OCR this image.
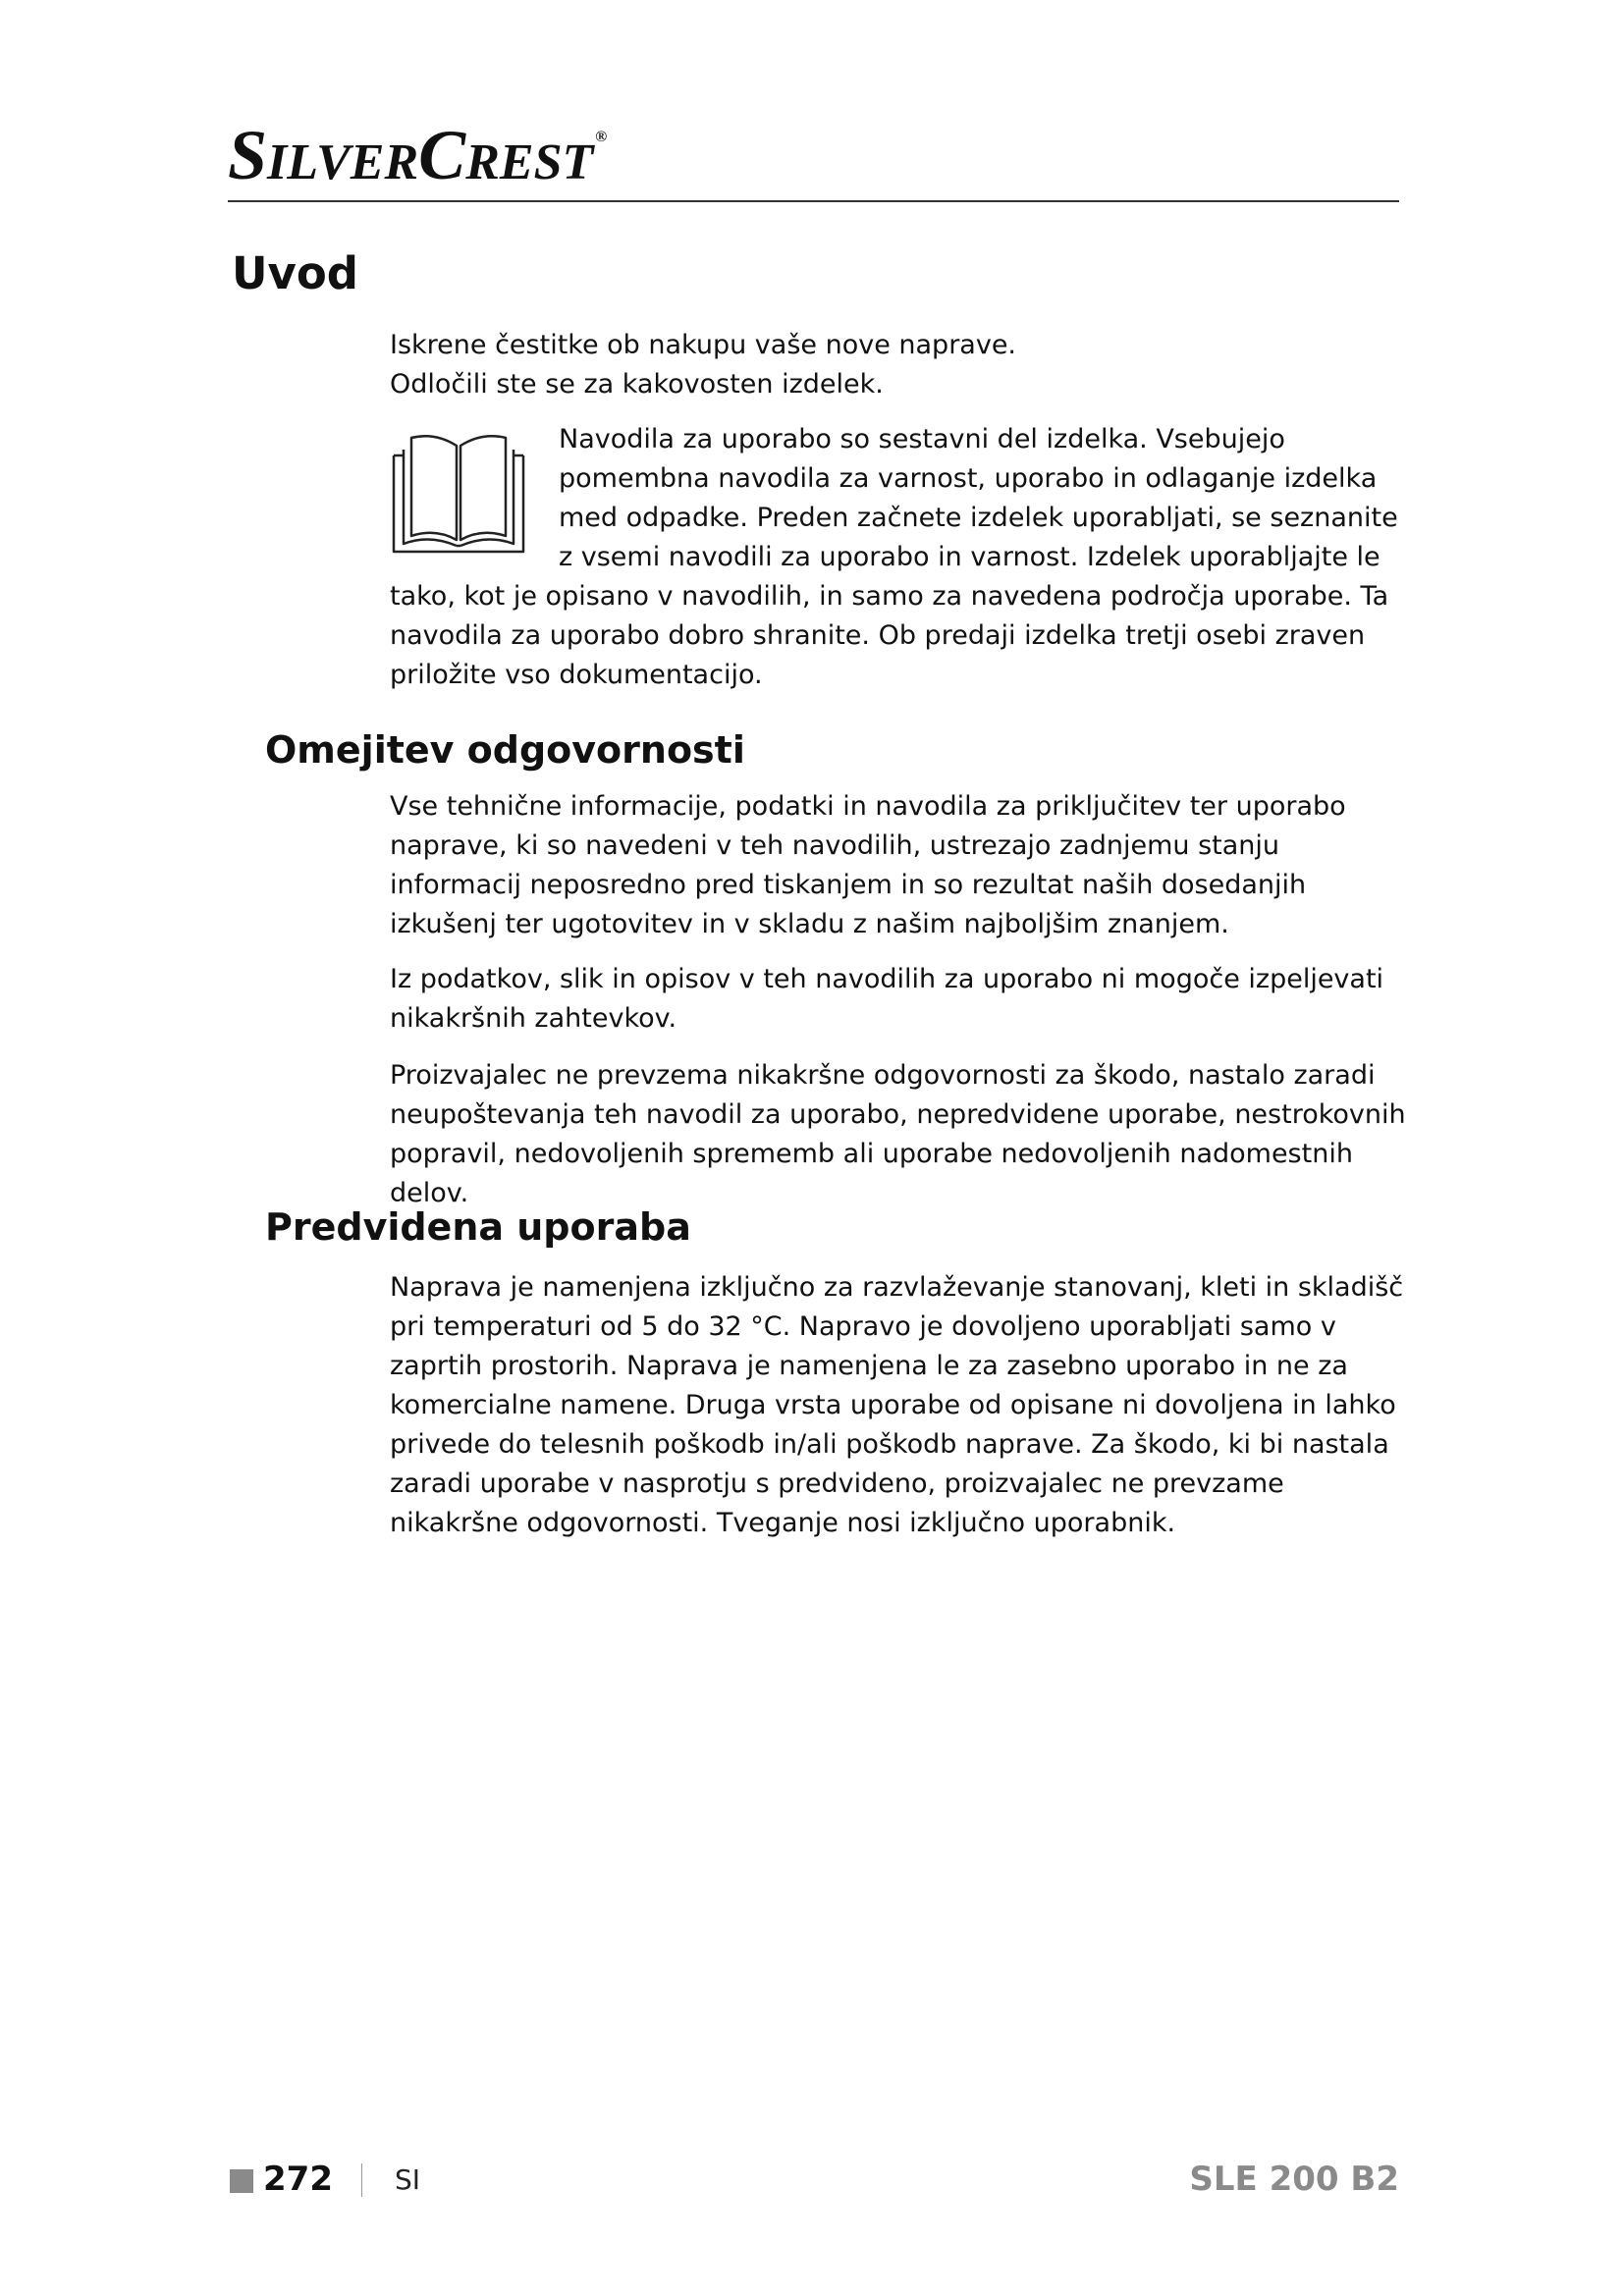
SILVERCREST ®
Uvod

Iskrene čestitke ob nakupu vaše nove naprave.

Odločili ste se za kakovosten izdelek.

Navodila za uporabo so sestavni del izdelka. Vsebujejo pomembna navodila za varnost, uporabo in odlaganje izdelka med odpadke. Preden začnete izdelek uporabljati, se seznanite z vsemi navodili za uporabo in varnost. Izdelek uporabljajte le tako, kot je opisano v navodilih, in samo za navedena področja uporabe. Ta navodila za uporabo dobro shranite. Ob predaji izdelka tretji osebi zraven priložite vso dokumentacijo.
Omejitev odgovornosti

Vse tehnične informacije, podatki in navodila za priključitev ter uporabo naprave, ki so navedeni v teh navodilih, ustrezajo zadnjemu stanju informacij neposredno pred tiskanjem in so rezultat naših dosedanjih izkušenj ter ugotovitev in v skladu z našim najboljšim znanjem.

Iz podatkov, slik in opisov v teh navodilih za uporabo ni mogoče izpeljevati nikakršnih zahtevkov.

Proizvajalec ne prevzema nikakršne odgovornosti za škodo, nastalo zaradi neupoštevanja teh navodil za uporabo, nepredvidene uporabe, nestrokovnih popravil, nedovoljenih sprememb ali uporabe nedovoljenih nadomestnih delov.

Predvidena uporaba

Naprava je namenjena izključno za razvlaževanje stanovanj, kleti in skladišč pri temperaturi od 5 do 32 °C. Napravo je dovoljeno uporabljati samo v zaprtih prostorih. Naprava je namenjena le za zasebno uporabo in ne za komercialne namene. Druga vrsta uporabe od opisane ni dovoljena in lahko privede do telesnih poškodb in/ali poškodb naprave. Za škodo, ki bi nastala zaradi uporabe v nasprotju s predvideno, proizvajalec ne prevzame nikakršne odgovornosti. Tveganje nosi izključno uporabnik.

272 SI	SLE 200 B2
